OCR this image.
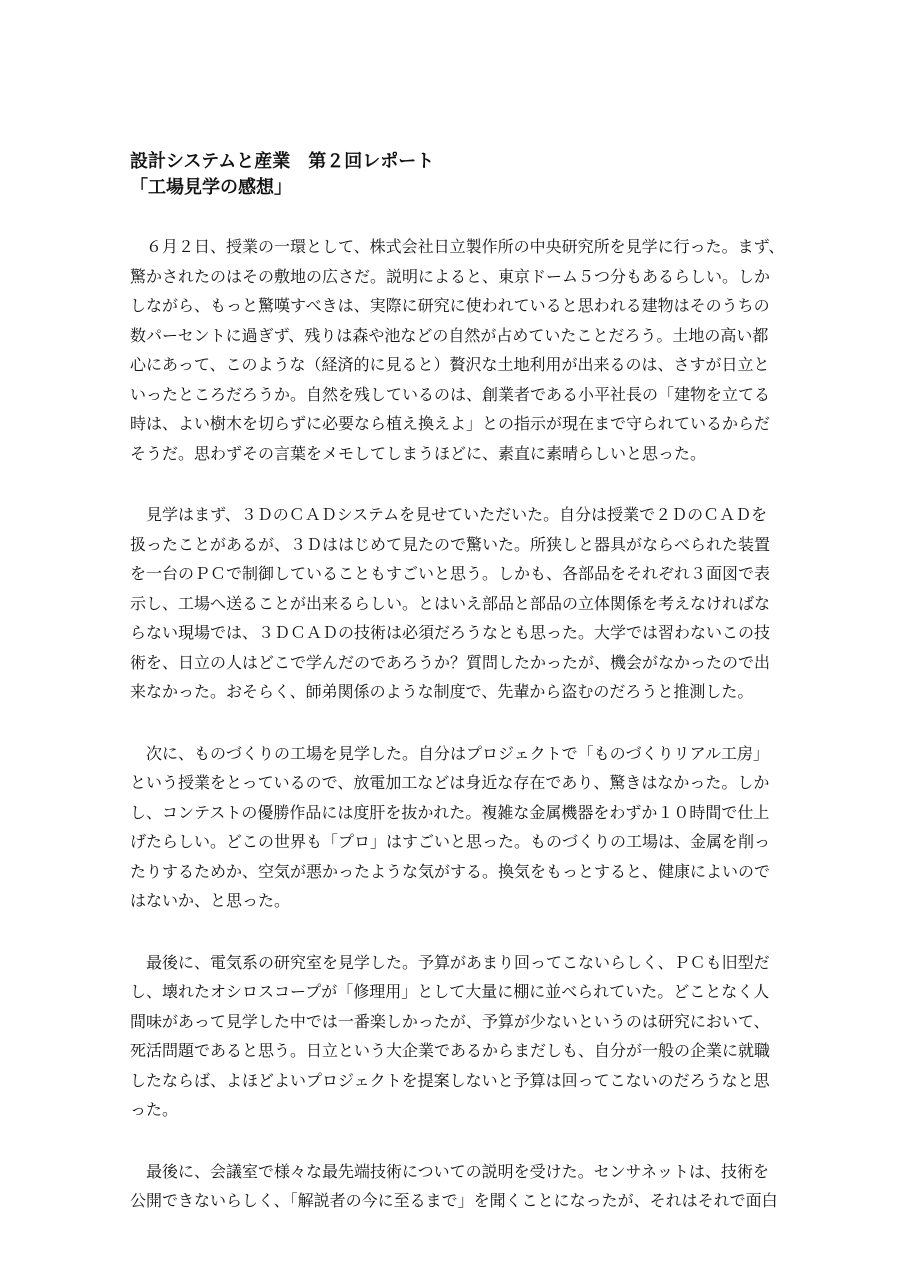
設計システムと産業　第２回レポート
「工場見学の感想」
　６月２日、授業の一環として、株式会社日立製作所の中央研究所を見学に行った。まず、
驚かされたのはその敷地の広さだ。説明によると、東京ドーム５つ分もあるらしい。しか
しながら、もっと驚嘆すべきは、実際に研究に使われていると思われる建物はそのうちの
数パーセントに過ぎず、残りは森や池などの自然が占めていたことだろう。土地の高い都
心にあって、このような（経済的に見ると）贅沢な土地利用が出来るのは、さすが日立と
いったところだろうか。自然を残しているのは、創業者である小平社長の「建物を立てる
時は、よい樹木を切らずに必要なら植え換えよ」との指示が現在まで守られているからだ
そうだ。思わずその言葉をメモしてしまうほどに、素直に素晴らしいと思った。
　見学はまず、３ＤのＣＡＤシステムを見せていただいた。自分は授業で２ＤのＣＡＤを
扱ったことがあるが、３Ｄははじめて見たので驚いた。所狭しと器具がならべられた装置
を一台のＰＣで制御していることもすごいと思う。しかも、各部品をそれぞれ３面図で表
示し、工場へ送ることが出来るらしい。とはいえ部品と部品の立体関係を考えなければな
らない現場では、３ＤＣＡＤの技術は必須だろうなとも思った。大学では習わないこの技
術を、日立の人はどこで学んだのであろうか？質問したかったが、機会がなかったので出
来なかった。おそらく、師弟関係のような制度で、先輩から盗むのだろうと推測した。
　次に、ものづくりの工場を見学した。自分はプロジェクトで「ものづくりリアル工房」
という授業をとっているので、放電加工などは身近な存在であり、驚きはなかった。しか
し、コンテストの優勝作品には度肝を抜かれた。複雑な金属機器をわずか１０時間で仕上
げたらしい。どこの世界も「プロ」はすごいと思った。ものづくりの工場は、金属を削っ
たりするためか、空気が悪かったような気がする。換気をもっとすると、健康によいので
はないか、と思った。
　最後に、電気系の研究室を見学した。予算があまり回ってこないらしく、ＰＣも旧型だ
し、壊れたオシロスコープが「修理用」として大量に棚に並べられていた。どことなく人
間味があって見学した中では一番楽しかったが、予算が少ないというのは研究において、
死活問題であると思う。日立という大企業であるからまだしも、自分が一般の企業に就職
したならば、よほどよいプロジェクトを提案しないと予算は回ってこないのだろうなと思
った。
　最後に、会議室で様々な最先端技術についての説明を受けた。センサネットは、技術を
公開できないらしく、「解説者の今に至るまで」を聞くことになったが、それはそれで面白
